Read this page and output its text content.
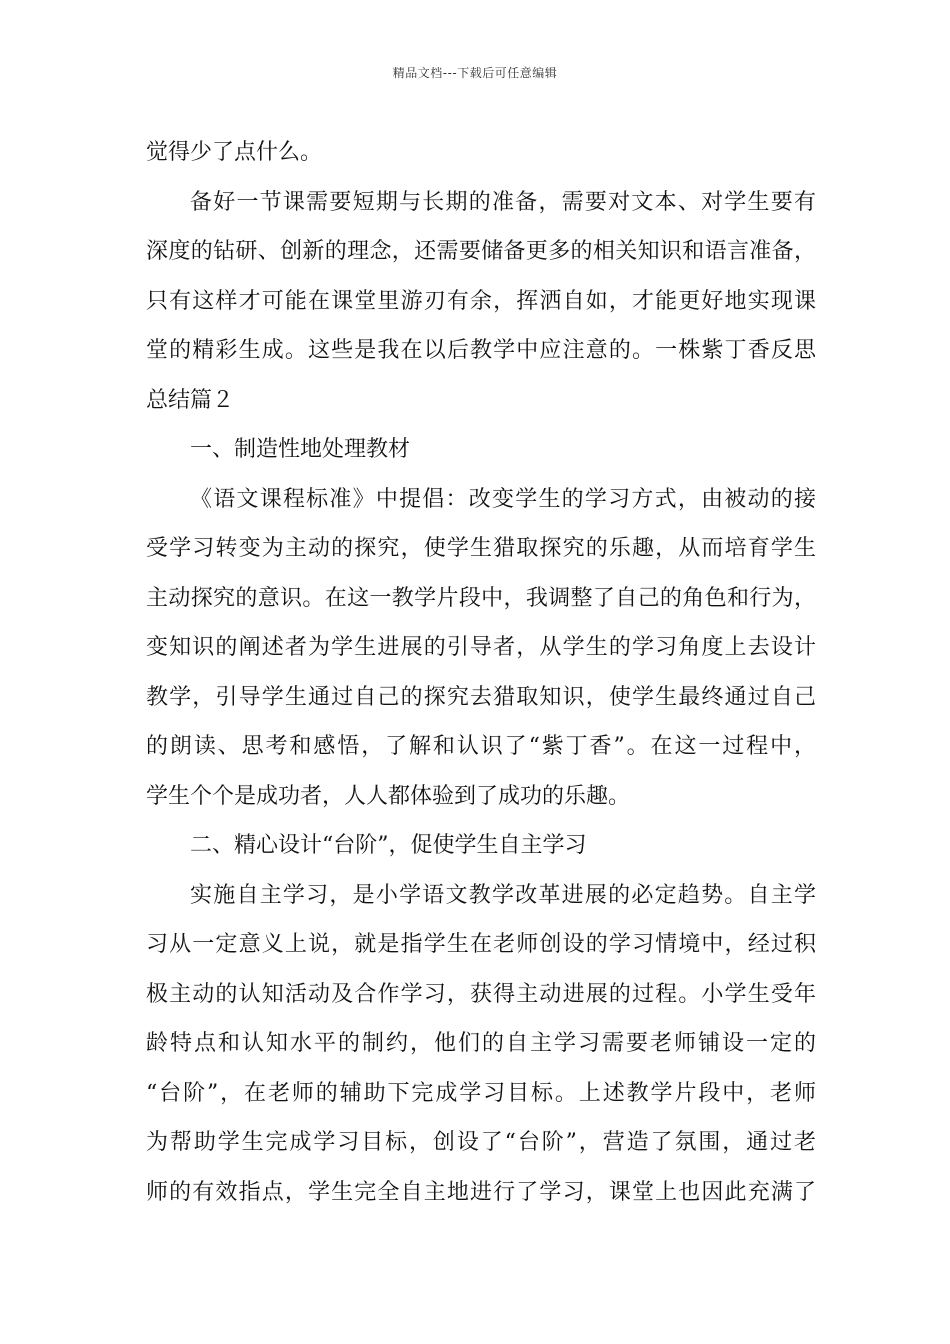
精品文档---下载后可任意编辑
觉得少了点什么。
备好一节课需要短期与长期的准备，需要对文本、对学生要有
深度的钻研、创新的理念，还需要储备更多的相关知识和语言准备，
只有这样才可能在课堂里游刃有余，挥洒自如，才能更好地实现课
堂的精彩生成。这些是我在以后教学中应注意的。一株紫丁香反思
总结篇２
一、制造性地处理教材
《语文课程标准》中提倡：改变学生的学习方式，由被动的接
受学习转变为主动的探究，使学生猎取探究的乐趣，从而培育学生
主动探究的意识。在这一教学片段中，我调整了自己的角色和行为，
变知识的阐述者为学生进展的引导者，从学生的学习角度上去设计
教学，引导学生通过自己的探究去猎取知识，使学生最终通过自己
的朗读、思考和感悟，了解和认识了“紫丁香”。在这一过程中，
学生个个是成功者，人人都体验到了成功的乐趣。
二、精心设计“台阶”，促使学生自主学习
实施自主学习，是小学语文教学改革进展的必定趋势。自主学
习从一定意义上说，就是指学生在老师创设的学习情境中，经过积
极主动的认知活动及合作学习，获得主动进展的过程。小学生受年
龄特点和认知水平的制约，他们的自主学习需要老师铺设一定的
“台阶”，在老师的辅助下完成学习目标。上述教学片段中，老师
为帮助学生完成学习目标，创设了“台阶”，营造了氛围，通过老
师的有效指点，学生完全自主地进行了学习，课堂上也因此充满了
